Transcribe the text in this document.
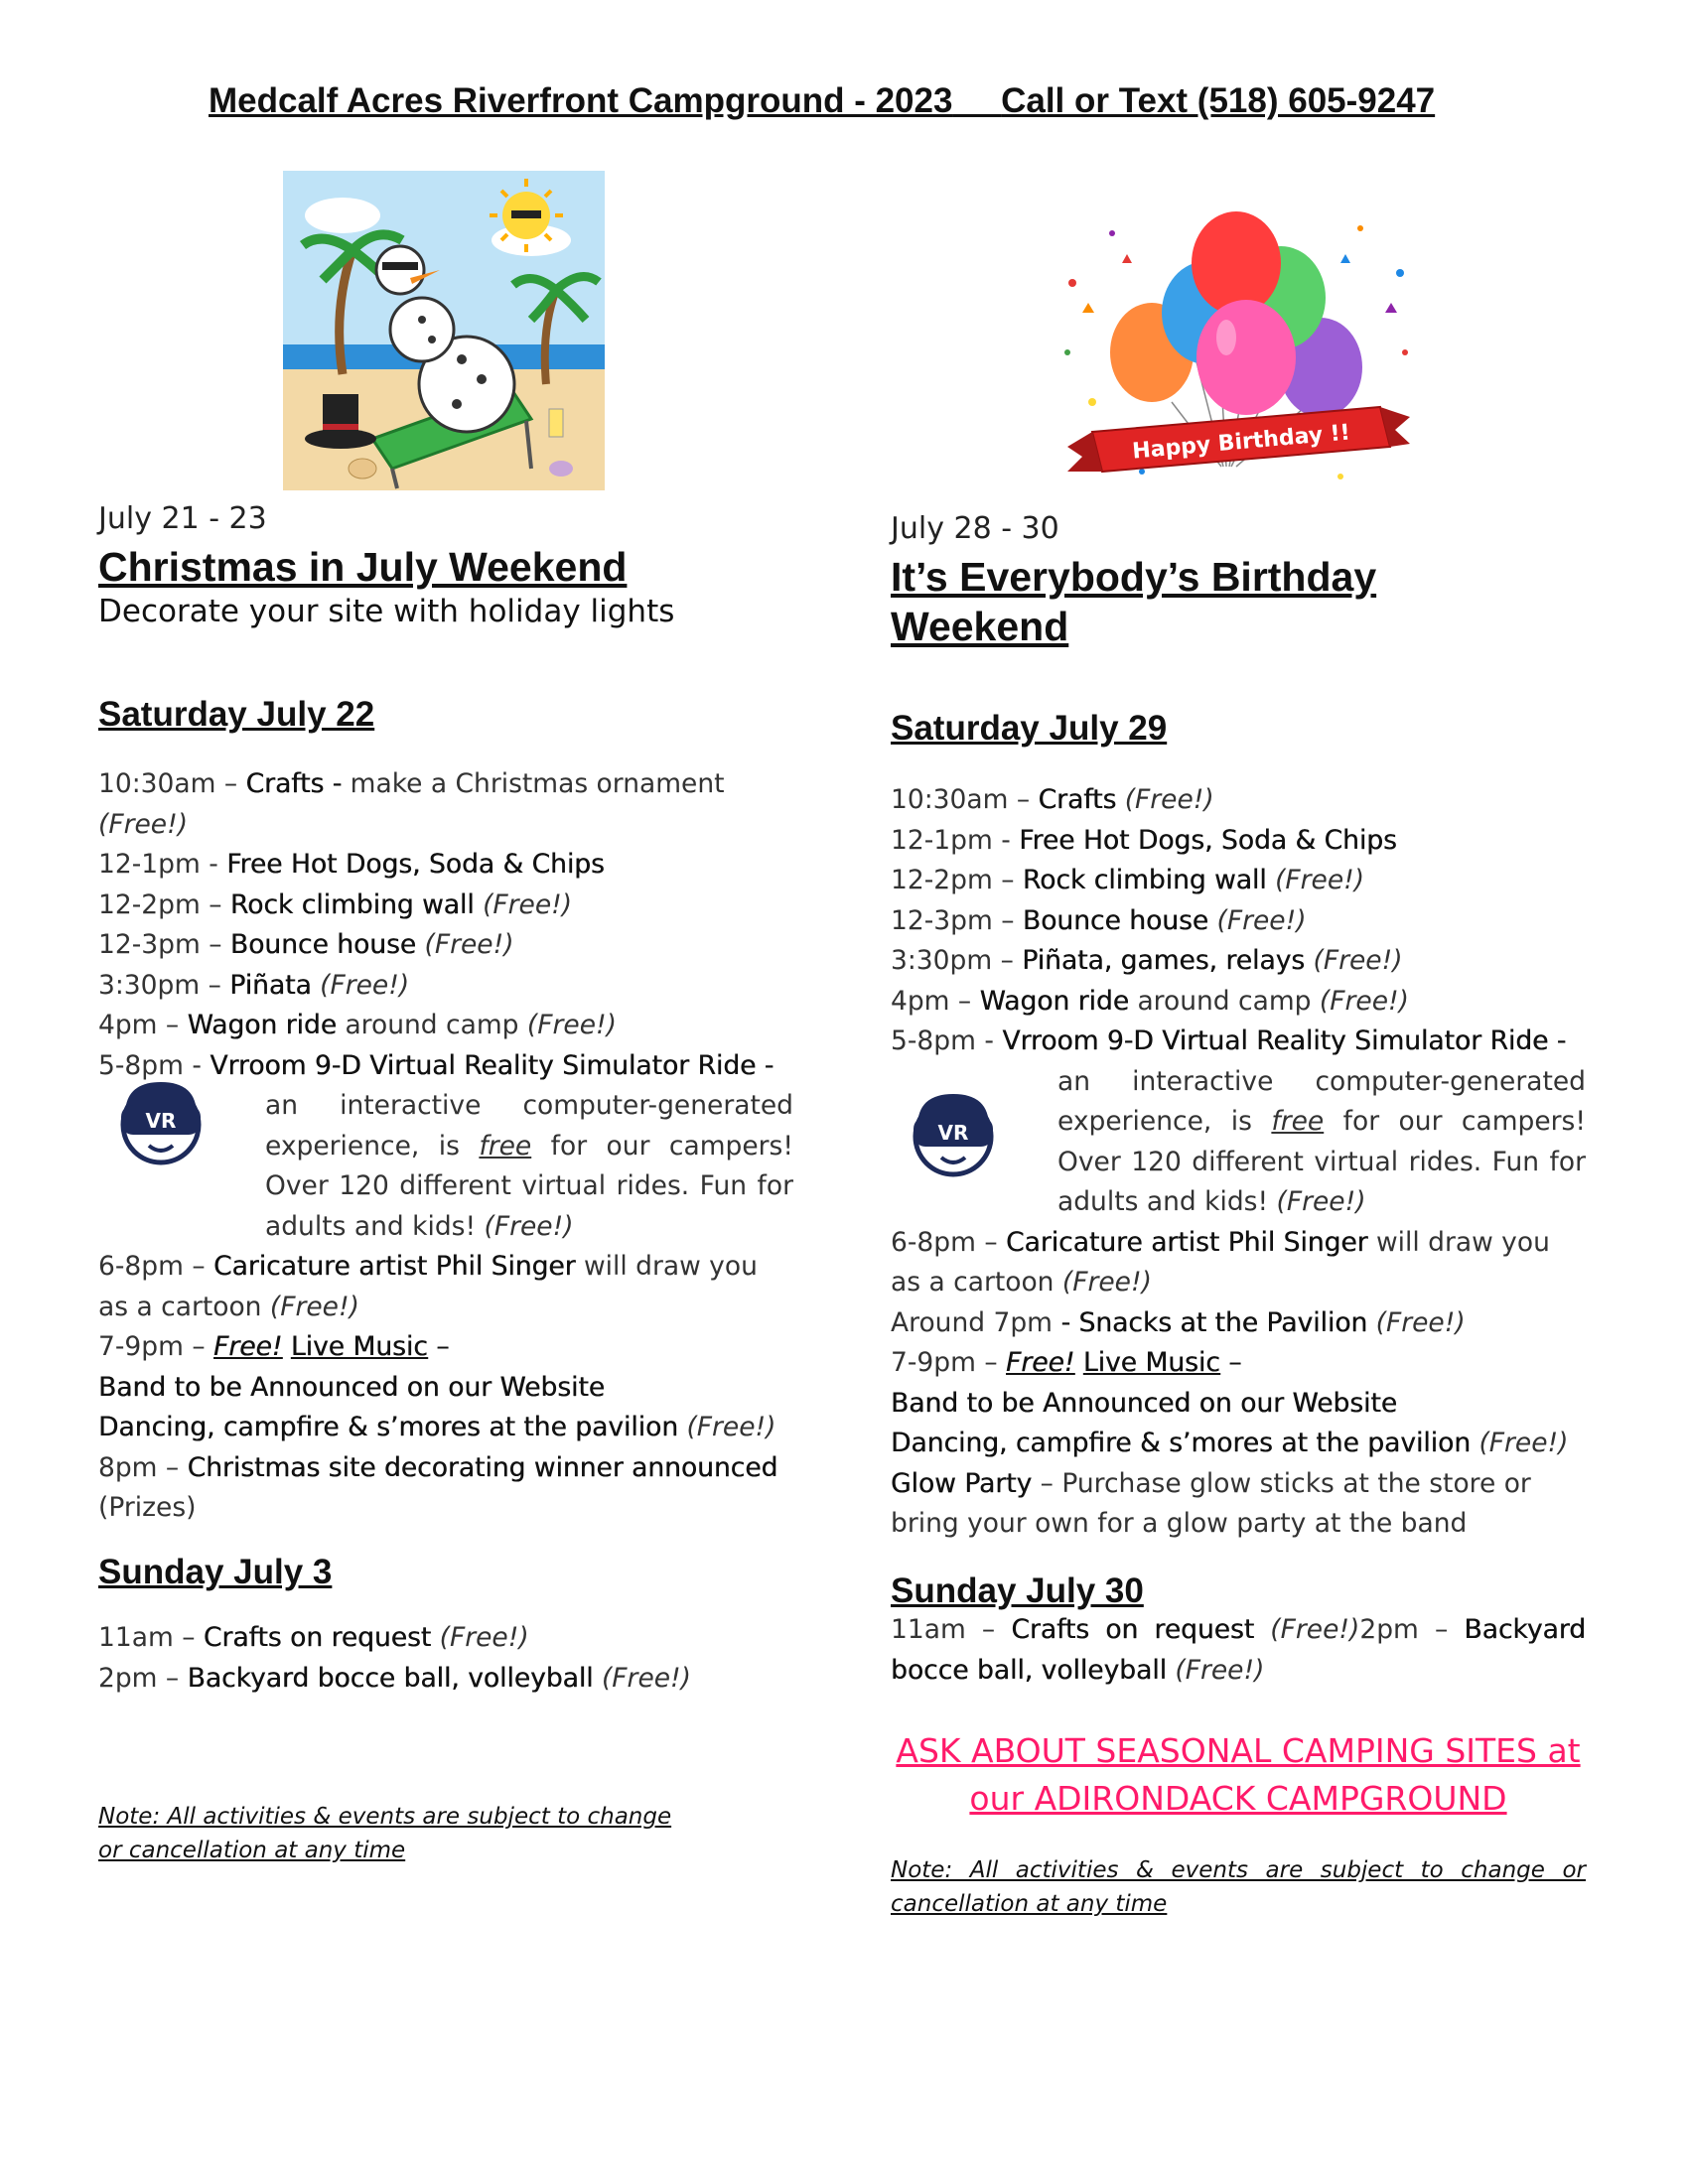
Medcalf Acres Riverfront Campground - 2023 Call or Text (518) 605-9247
Happy Birthday !!
July 21 - 23
Christmas in July Weekend
Decorate your site with holiday lights
Saturday July 22

10:30am – Crafts - make a Christmas ornament
(Free!)

12-1pm - Free Hot Dogs, Soda & Chips

12-2pm – Rock climbing wall (Free!)

12-3pm – Bounce house (Free!)

3:30pm – Piñata (Free!)

4pm – Wagon ride around camp (Free!)

5-8pm - Vrroom 9-D Virtual Reality Simulator Ride -

an interactive computer-generated experience, is free for our campers! Over 120 different virtual rides. Fun for adults and kids! (Free!)

6-8pm – Caricature artist Phil Singer will draw you as a cartoon (Free!)

7-9pm – Free! Live Music –

Band to be Announced on our Website

Dancing, campfire & s’mores at the pavilion (Free!)

8pm – Christmas site decorating winner announced
(Prizes)

VR
Sunday July 3

11am – Crafts on request (Free!)

2pm – Backyard bocce ball, volleyball (Free!)

Note: All activities & events are subject to change or cancellation at any time
July 28 - 30
It’s Everybody’s Birthday
Weekend
Saturday July 29

10:30am – Crafts (Free!)

12-1pm - Free Hot Dogs, Soda & Chips

12-2pm – Rock climbing wall (Free!)

12-3pm – Bounce house (Free!)

3:30pm – Piñata, games, relays (Free!)

4pm – Wagon ride around camp (Free!)

5-8pm - Vrroom 9-D Virtual Reality Simulator Ride -

an interactive computer-generated experience, is free for our campers! Over 120 different virtual rides. Fun for adults and kids! (Free!)

6-8pm – Caricature artist Phil Singer will draw you as a cartoon (Free!)

Around 7pm - Snacks at the Pavilion (Free!)

7-9pm – Free! Live Music –

Band to be Announced on our Website

Dancing, campfire & s’mores at the pavilion (Free!)

Glow Party – Purchase glow sticks at the store or bring your own for a glow party at the band

VR
Sunday July 30

11am – Crafts on request (Free!)2pm – Backyard bocce ball, volleyball (Free!)

ASK ABOUT SEASONAL CAMPING SITES at
our ADIRONDACK CAMPGROUND
Note: All activities & events are subject to change or cancellation at any time
